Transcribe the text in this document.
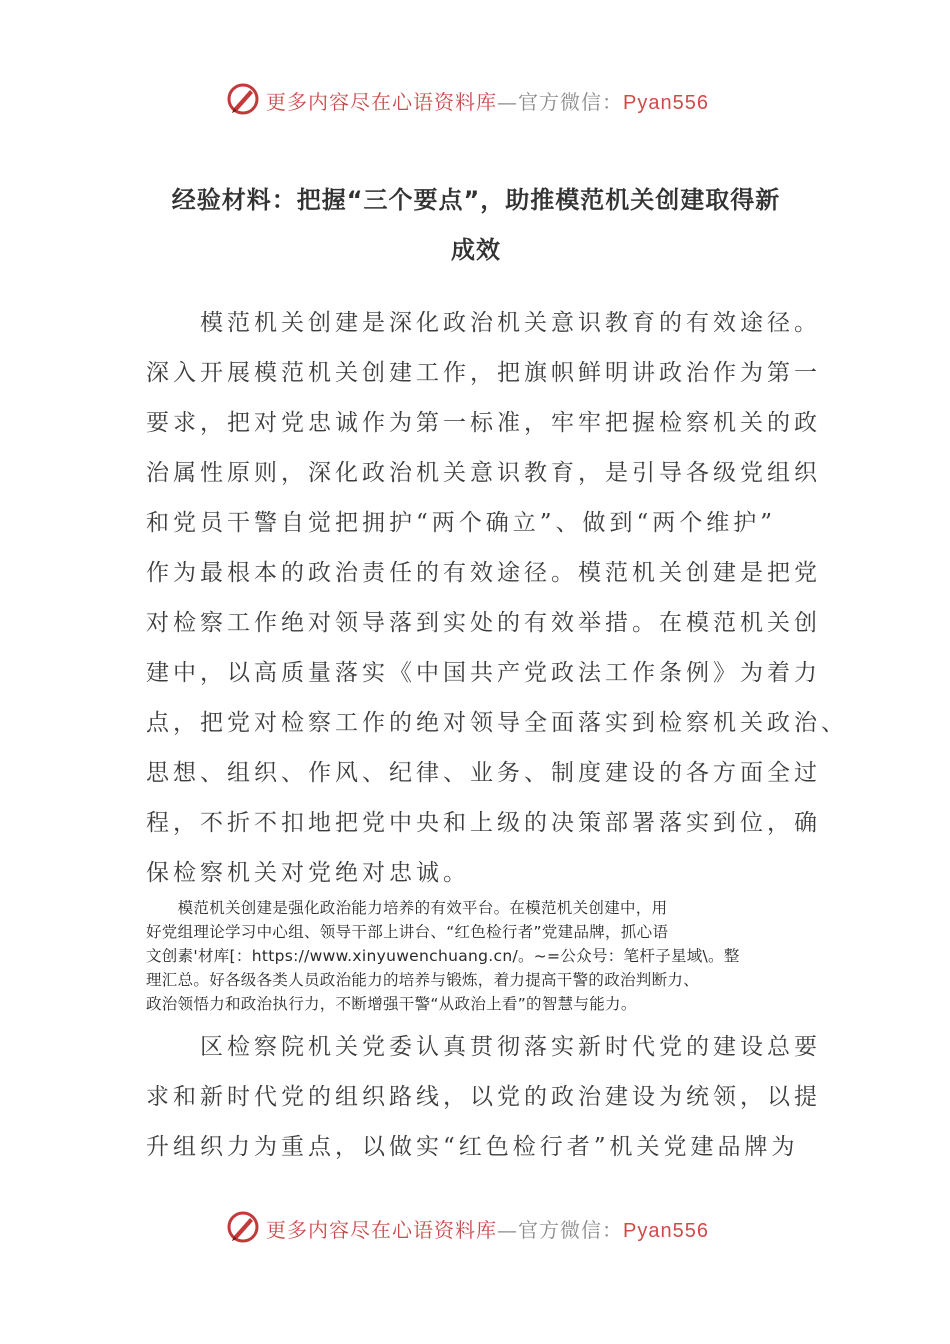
更多内容尽在心语资料库—官方微信：Pyan556
经验材料：把握“三个要点”，助推模范机关创建取得新
成效
　　模范机关创建是深化政治机关意识教育的有效途径。
深入开展模范机关创建工作，把旗帜鲜明讲政治作为第一
要求，把对党忠诚作为第一标准，牢牢把握检察机关的政
治属性原则，深化政治机关意识教育，是引导各级党组织
和党员干警自觉把拥护“两个确立”、做到“两个维护”
作为最根本的政治责任的有效途径。模范机关创建是把党
对检察工作绝对领导落到实处的有效举措。在模范机关创
建中，以高质量落实《中国共产党政法工作条例》为着力
点，把党对检察工作的绝对领导全面落实到检察机关政治、
思想、组织、作风、纪律、业务、制度建设的各方面全过
程，不折不扣地把党中央和上级的决策部署落实到位，确
保检察机关对党绝对忠诚。
　　模范机关创建是强化政治能力培养的有效平台。在模范机关创建中，用
好党组理论学习中心组、领导干部上讲台、“红色检行者”党建品牌，抓心语
文创素'材库[：https://www.xinyuwenchuang.cn/。~=公众号：笔杆子星域\。整
理汇总。好各级各类人员政治能力的培养与锻炼，着力提高干警的政治判断力、
政治领悟力和政治执行力，不断增强干警“从政治上看”的智慧与能力。
　　区检察院机关党委认真贯彻落实新时代党的建设总要
求和新时代党的组织路线，以党的政治建设为统领，以提
升组织力为重点，以做实“红色检行者”机关党建品牌为
更多内容尽在心语资料库—官方微信：Pyan556
